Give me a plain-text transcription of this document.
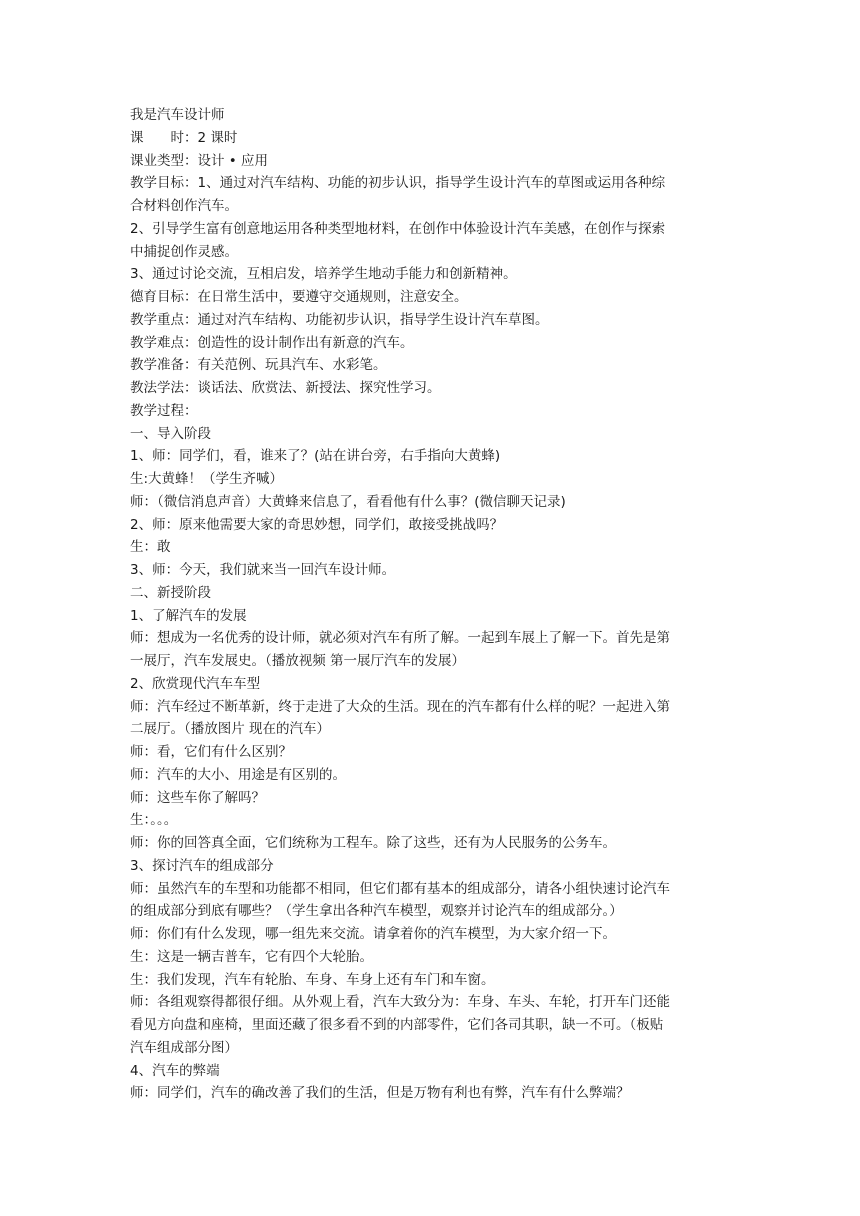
我是汽车设计师
课　　时：2 课时
课业类型：设计 • 应用
教学目标：1、通过对汽车结构、功能的初步认识，指导学生设计汽车的草图或运用各种综
合材料创作汽车。
2、引导学生富有创意地运用各种类型地材料，在创作中体验设计汽车美感，在创作与探索
中捕捉创作灵感。
3、通过讨论交流，互相启发，培养学生地动手能力和创新精神。
德育目标：在日常生活中，要遵守交通规则，注意安全。
教学重点：通过对汽车结构、功能初步认识，指导学生设计汽车草图。
教学难点：创造性的设计制作出有新意的汽车。
教学准备：有关范例、玩具汽车、水彩笔。
教法学法：谈话法、欣赏法、新授法、探究性学习。
教学过程：
一、导入阶段
1、师：同学们，看，谁来了？(站在讲台旁，右手指向大黄蜂)
生:大黄蜂！（学生齐喊）
师：（微信消息声音）大黄蜂来信息了，看看他有什么事？(微信聊天记录)
2、师：原来他需要大家的奇思妙想，同学们，敢接受挑战吗？
生：敢
3、师：今天，我们就来当一回汽车设计师。
二、新授阶段
1、了解汽车的发展
师：想成为一名优秀的设计师，就必须对汽车有所了解。一起到车展上了解一下。首先是第
一展厅，汽车发展史。（播放视频 第一展厅汽车的发展）
2、欣赏现代汽车车型
师：汽车经过不断革新，终于走进了大众的生活。现在的汽车都有什么样的呢？一起进入第
二展厅。（播放图片 现在的汽车）
师：看，它们有什么区别？
师：汽车的大小、用途是有区别的。
师：这些车你了解吗？
生：。。。
师：你的回答真全面，它们统称为工程车。除了这些，还有为人民服务的公务车。
3、探讨汽车的组成部分
师：虽然汽车的车型和功能都不相同，但它们都有基本的组成部分，请各小组快速讨论汽车
的组成部分到底有哪些？（学生拿出各种汽车模型，观察并讨论汽车的组成部分。）
师：你们有什么发现，哪一组先来交流。请拿着你的汽车模型，为大家介绍一下。
生：这是一辆吉普车，它有四个大轮胎。
生：我们发现，汽车有轮胎、车身、车身上还有车门和车窗。
师：各组观察得都很仔细。从外观上看，汽车大致分为：车身、车头、车轮，打开车门还能
看见方向盘和座椅，里面还藏了很多看不到的内部零件，它们各司其职，缺一不可。（板贴
汽车组成部分图）
4、汽车的弊端
师：同学们，汽车的确改善了我们的生活，但是万物有利也有弊，汽车有什么弊端？
